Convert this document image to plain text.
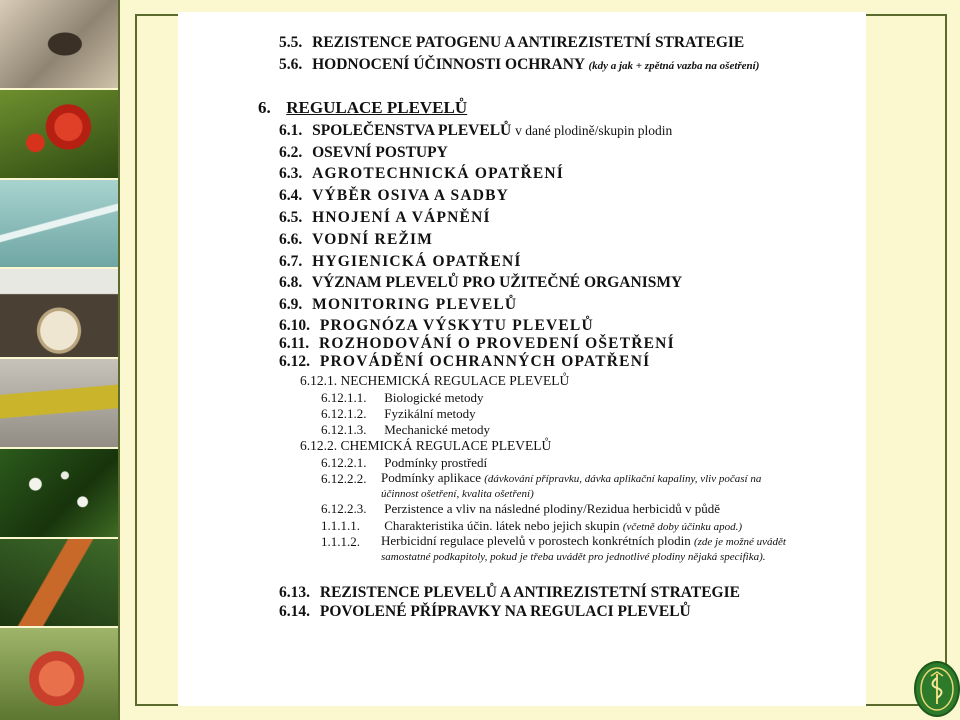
5.5. REZISTENCE PATOGENU A ANTIREZISTETNÍ STRATEGIE
5.6. HODNOCENÍ ÚČINNOSTI OCHRANY (kdy a jak + zpětná vazba na ošetření)
6. REGULACE PLEVELŮ
6.1. SPOLEČENSTVA PLEVELŮ v dané plodině/skupin plodin
6.2. OSEVNÍ POSTUPY
6.3. AGROTECHNICKÁ OPATŘENÍ
6.4. VÝBĚR OSIVA A SADBY
6.5. HNOJENÍ A VÁPNĚNÍ
6.6. VODNÍ REŽIM
6.7. HYGIENICKÁ OPATŘENÍ
6.8. VÝZNAM PLEVELŮ PRO UŽITEČNÉ ORGANISMY
6.9. MONITORING PLEVELŮ
6.10. PROGNÓZA VÝSKYTU PLEVELŮ
6.11. ROZHODOVÁNÍ O PROVEDENÍ OŠETŘENÍ
6.12. PROVÁDĚNÍ OCHRANNÝCH OPATŘENÍ
6.12.1. NECHEMICKÁ REGULACE PLEVELŮ
6.12.1.1. Biologické metody
6.12.1.2. Fyzikální metody
6.12.1.3. Mechanické metody
6.12.2. CHEMICKÁ REGULACE PLEVELŮ
6.12.2.1. Podmínky prostředí
6.12.2.2.	Podmínky aplikace (dávkování přípravku, dávka aplikační kapaliny, vliv počasí na účinnost ošetření, kvalita ošetření)
6.12.2.3. Perzistence a vliv na následné plodiny/Rezidua herbicidů v půdě
1.1.1.1. Charakteristika účin. látek nebo jejich skupin (včetně doby účinku apod.)
1.1.1.2.	Herbicidní regulace plevelů v porostech konkrétních plodin (zde je možné uvádět samostatné podkapitoly, pokud je třeba uvádět pro jednotlivé plodiny nějaká specifika).
6.13. REZISTENCE PLEVELŮ A ANTIREZISTETNÍ STRATEGIE
6.14. POVOLENÉ PŘÍPRAVKY NA REGULACI PLEVELŮ
